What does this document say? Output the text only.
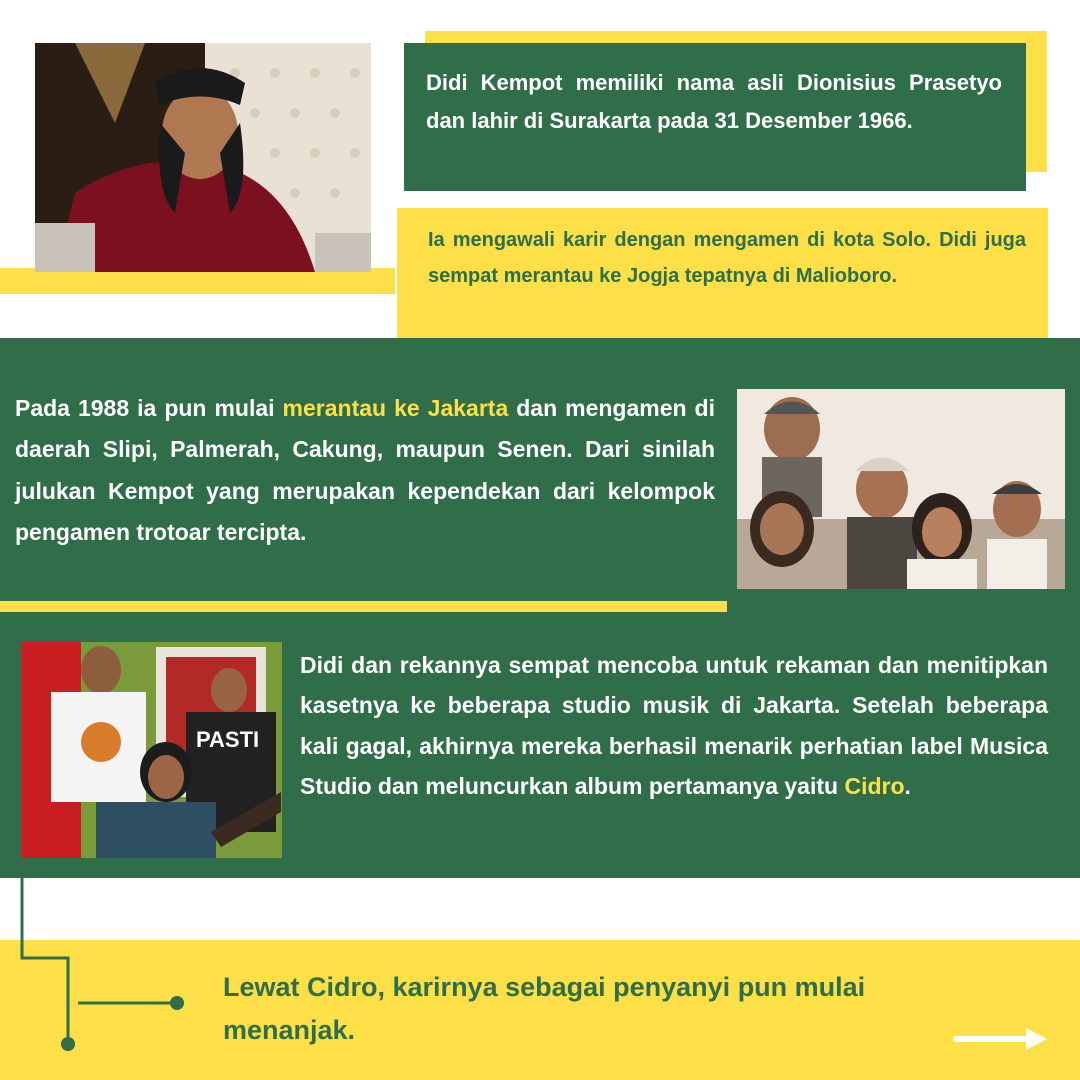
Didi Kempot memiliki nama asli Dionisius Prasetyo dan lahir di Surakarta pada 31 Desember 1966.

Ia mengawali karir dengan mengamen di kota Solo. Didi juga sempat merantau ke Jogja tepatnya di Malioboro.

Pada 1988 ia pun mulai merantau ke Jakarta dan mengamen di daerah Slipi, Palmerah, Cakung, maupun Senen. Dari sinilah julukan Kempot yang merupakan kependekan dari kelompok pengamen trotoar tercipta.

PASTI

Didi dan rekannya sempat mencoba untuk rekaman dan menitipkan kasetnya ke beberapa studio musik di Jakarta. Setelah beberapa kali gagal, akhirnya mereka berhasil menarik perhatian label Musica Studio dan meluncurkan album pertamanya yaitu Cidro.

Lewat Cidro, karirnya sebagai penyanyi pun mulai menanjak.
